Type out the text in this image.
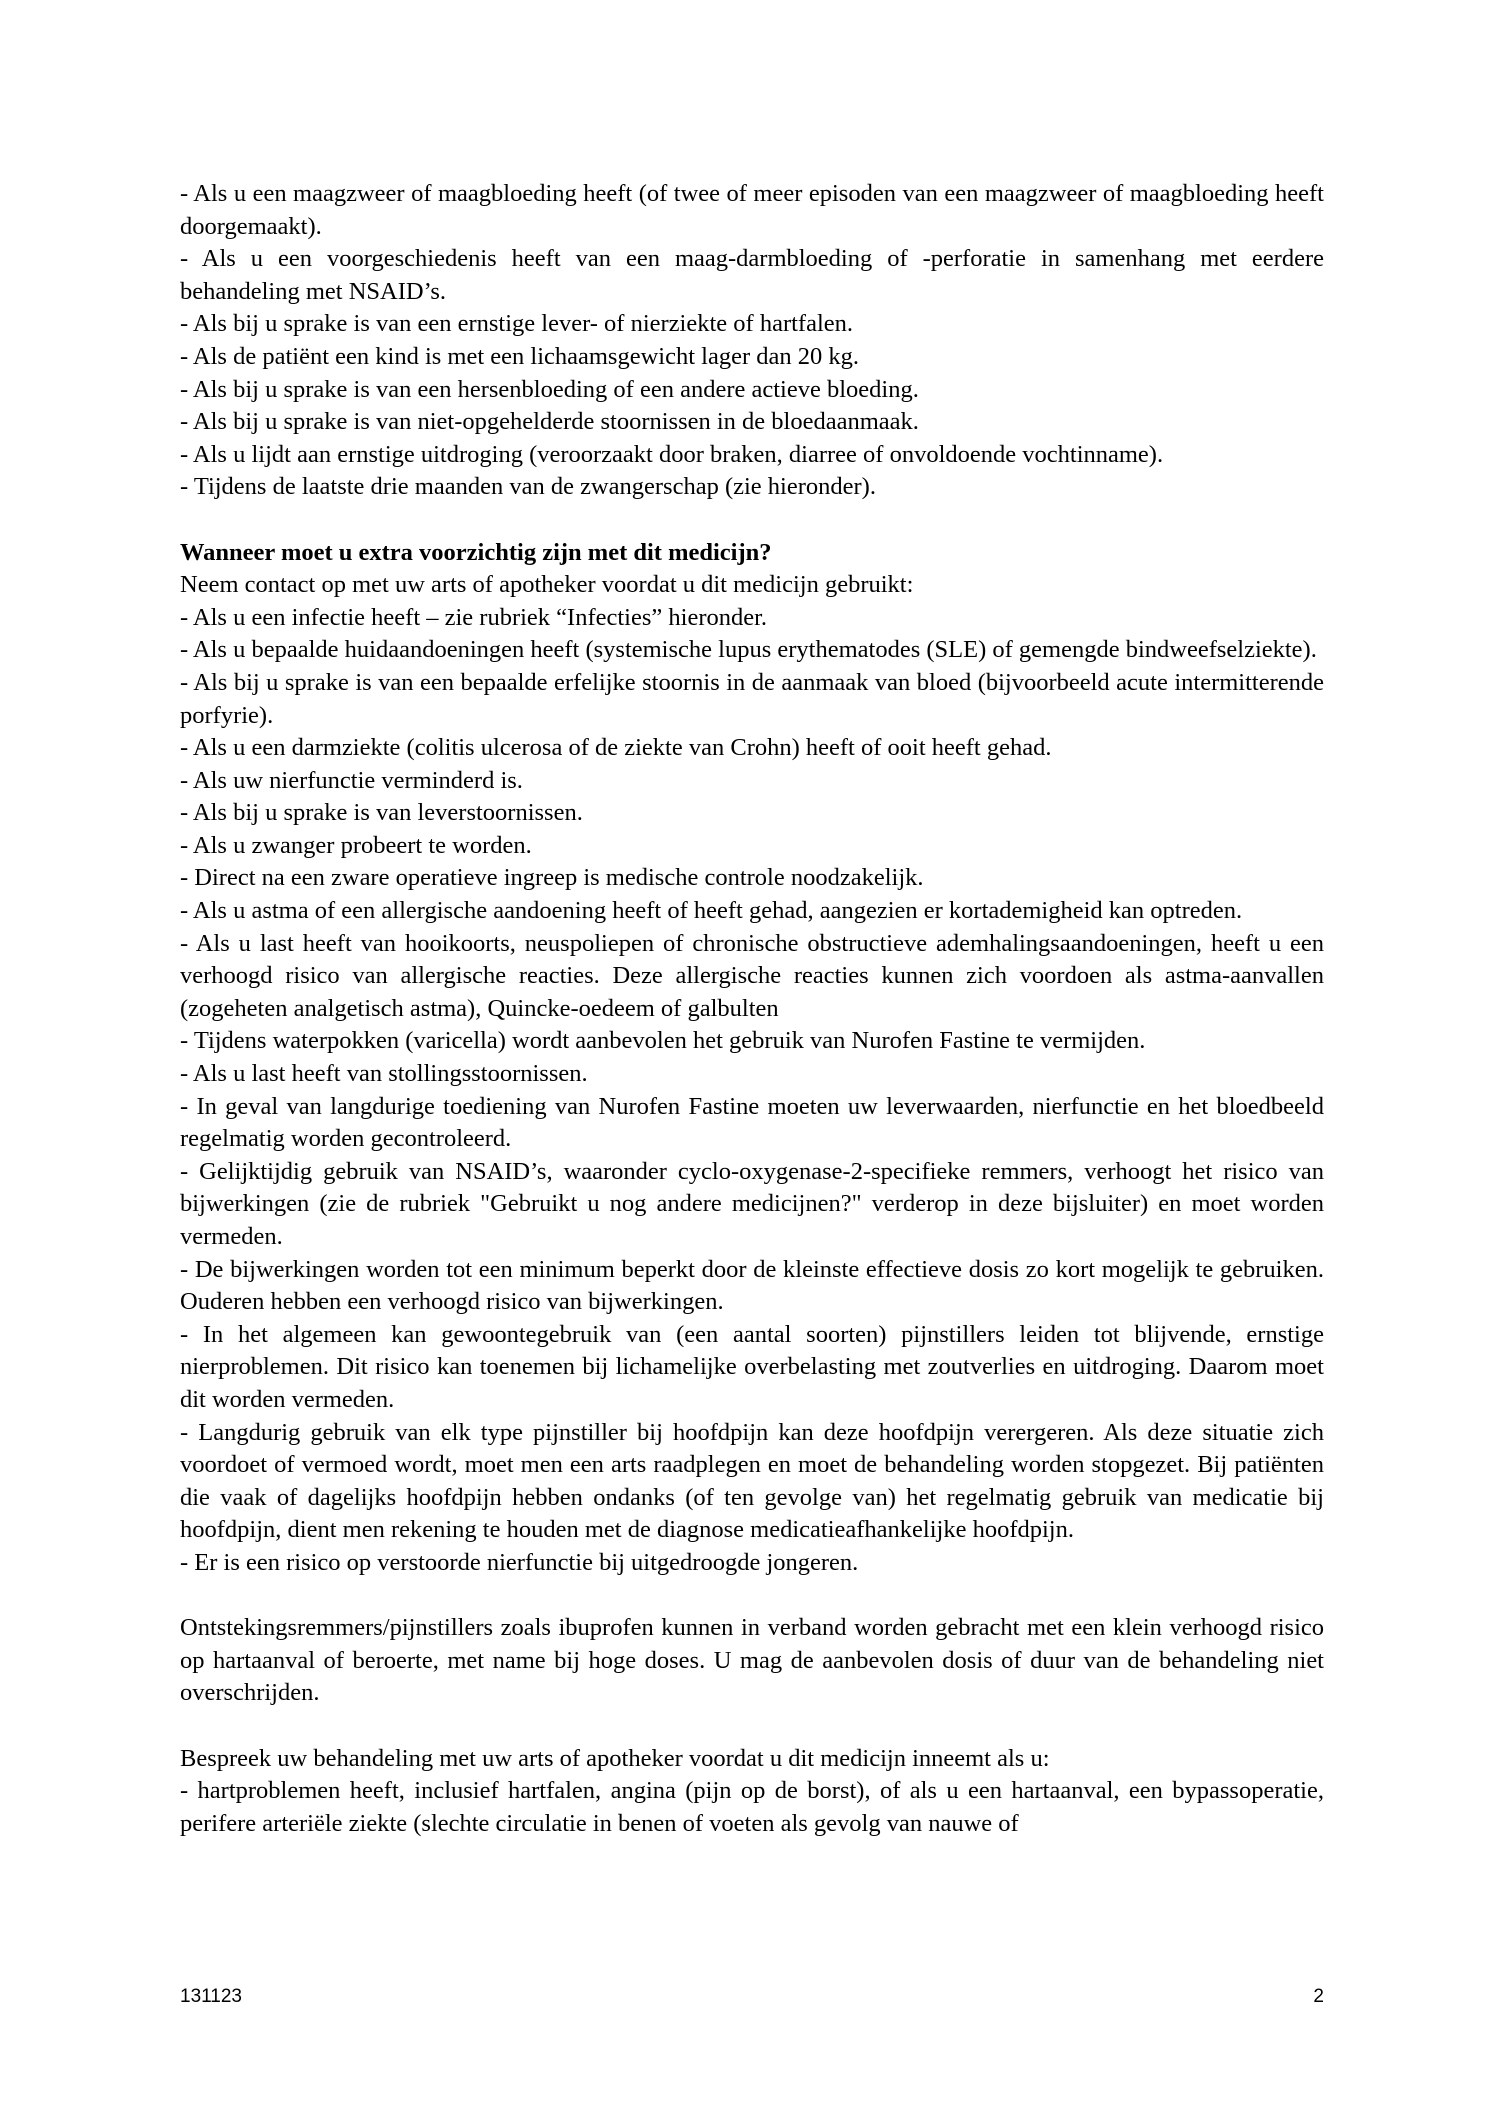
- Als u een maagzweer of maagbloeding heeft (of twee of meer episoden van een maagzweer of maagbloeding heeft doorgemaakt).

- Als u een voorgeschiedenis heeft van een maag-darmbloeding of -perforatie in samenhang met eerdere behandeling met NSAID’s.

- Als bij u sprake is van een ernstige lever- of nierziekte of hartfalen.

- Als de patiënt een kind is met een lichaamsgewicht lager dan 20 kg.

- Als bij u sprake is van een hersenbloeding of een andere actieve bloeding.

- Als bij u sprake is van niet-opgehelderde stoornissen in de bloedaanmaak.

- Als u lijdt aan ernstige uitdroging (veroorzaakt door braken, diarree of onvoldoende vochtinname).

- Tijdens de laatste drie maanden van de zwangerschap (zie hieronder).

Wanneer moet u extra voorzichtig zijn met dit medicijn?

Neem contact op met uw arts of apotheker voordat u dit medicijn gebruikt:

- Als u een infectie heeft – zie rubriek “Infecties” hieronder.

- Als u bepaalde huidaandoeningen heeft (systemische lupus erythematodes (SLE) of gemengde bindweefselziekte).

- Als bij u sprake is van een bepaalde erfelijke stoornis in de aanmaak van bloed (bijvoorbeeld acute intermitterende porfyrie).

- Als u een darmziekte (colitis ulcerosa of de ziekte van Crohn) heeft of ooit heeft gehad.

- Als uw nierfunctie verminderd is.

- Als bij u sprake is van leverstoornissen.

- Als u zwanger probeert te worden.

- Direct na een zware operatieve ingreep is medische controle noodzakelijk.

- Als u astma of een allergische aandoening heeft of heeft gehad, aangezien er kortademigheid kan optreden.

- Als u last heeft van hooikoorts, neuspoliepen of chronische obstructieve ademhalingsaandoeningen, heeft u een verhoogd risico van allergische reacties. Deze allergische reacties kunnen zich voordoen als astma-aanvallen (zogeheten analgetisch astma), Quincke-oedeem of galbulten

- Tijdens waterpokken (varicella) wordt aanbevolen het gebruik van Nurofen Fastine te vermijden.

- Als u last heeft van stollingsstoornissen.

- In geval van langdurige toediening van Nurofen Fastine moeten uw leverwaarden, nierfunctie en het bloedbeeld regelmatig worden gecontroleerd.

- Gelijktijdig gebruik van NSAID’s, waaronder cyclo-oxygenase-2-specifieke remmers, verhoogt het risico van bijwerkingen (zie de rubriek "Gebruikt u nog andere medicijnen?" verderop in deze bijsluiter) en moet worden vermeden.

- De bijwerkingen worden tot een minimum beperkt door de kleinste effectieve dosis zo kort mogelijk te gebruiken. Ouderen hebben een verhoogd risico van bijwerkingen.

- In het algemeen kan gewoontegebruik van (een aantal soorten) pijnstillers leiden tot blijvende, ernstige nierproblemen. Dit risico kan toenemen bij lichamelijke overbelasting met zoutverlies en uitdroging. Daarom moet dit worden vermeden.

- Langdurig gebruik van elk type pijnstiller bij hoofdpijn kan deze hoofdpijn verergeren. Als deze situatie zich voordoet of vermoed wordt, moet men een arts raadplegen en moet de behandeling worden stopgezet. Bij patiënten die vaak of dagelijks hoofdpijn hebben ondanks (of ten gevolge van) het regelmatig gebruik van medicatie bij hoofdpijn, dient men rekening te houden met de diagnose medicatieafhankelijke hoofdpijn.

- Er is een risico op verstoorde nierfunctie bij uitgedroogde jongeren.

Ontstekingsremmers/pijnstillers zoals ibuprofen kunnen in verband worden gebracht met een klein verhoogd risico op hartaanval of beroerte, met name bij hoge doses. U mag de aanbevolen dosis of duur van de behandeling niet overschrijden.

Bespreek uw behandeling met uw arts of apotheker voordat u dit medicijn inneemt als u:

- hartproblemen heeft, inclusief hartfalen, angina (pijn op de borst), of als u een hartaanval, een bypassoperatie, perifere arteriële ziekte (slechte circulatie in benen of voeten als gevolg van nauwe of

131123	2
